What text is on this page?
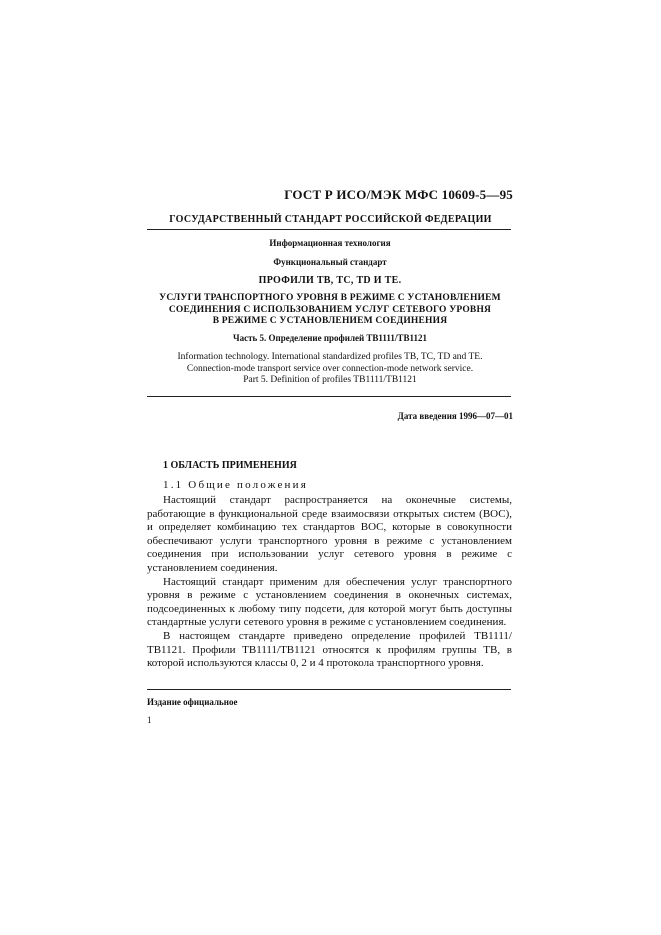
ГОСТ Р ИСО/МЭК МФС 10609-5—95
ГОСУДАРСТВЕННЫЙ СТАНДАРТ РОССИЙСКОЙ ФЕДЕРАЦИИ
Информационная технология
Функциональный стандарт
ПРОФИЛИ ТВ, ТС, TD И ТЕ.
УСЛУГИ ТРАНСПОРТНОГО УРОВНЯ В РЕЖИМЕ С УСТАНОВЛЕНИЕМ
СОЕДИНЕНИЯ С ИСПОЛЬЗОВАНИЕМ УСЛУГ СЕТЕВОГО УРОВНЯ
В РЕЖИМЕ С УСТАНОВЛЕНИЕМ СОЕДИНЕНИЯ
Часть 5. Определение профилей ТВ1111/ТВ1121
Information technology. International standardized profiles TB, TC, TD and TE.
Connection-mode transport service over connection-mode network service.
Part 5. Definition of profiles TB1111/TB1121
Дата введения 1996—07—01
1 ОБЛАСТЬ ПРИМЕНЕНИЯ
1.1 Общие положения

Настоящий стандарт распространяется на оконечные системы, работающие в функциональной среде взаимосвязи открытых систем (ВОС), и определяет комбинацию тех стандартов ВОС, которые в совокупности обеспечивают услуги транспортного уровня в режиме с установлением соединения при использовании услуг сетевого уровня в режиме с установлением соединения.

Настоящий стандарт применим для обеспечения услуг транспортного уровня в режиме с установлением соединения в оконечных системах, подсоединенных к любому типу подсети, для которой могут быть доступны стандартные услуги сетевого уровня в режиме с установлением соединения.

В настоящем стандарте приведено определение профилей ТВ1111/ТВ1121. Профили ТВ1111/ТВ1121 относятся к профилям группы ТВ, в которой используются классы 0, 2 и 4 протокола транспортного уровня.

Издание официальное
1
